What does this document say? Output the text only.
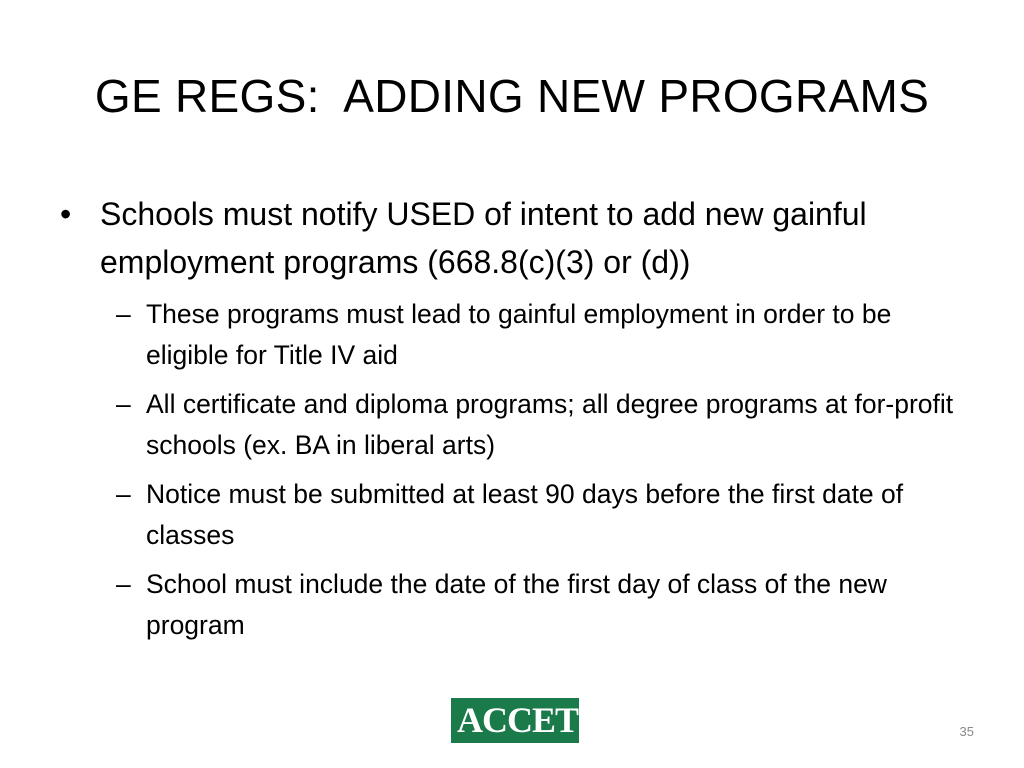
GE REGS:  ADDING NEW PROGRAMS
• Schools must notify USED of intent to add new gainful employment programs (668.8(c)(3) or (d))
– These programs must lead to gainful employment in order to be eligible for Title IV aid
– All certificate and diploma programs; all degree programs at for-profit schools (ex. BA in liberal arts)
– Notice must be submitted at least 90 days before the first date of classes
– School must include the date of the first day of class of the new program
ACCET	35
